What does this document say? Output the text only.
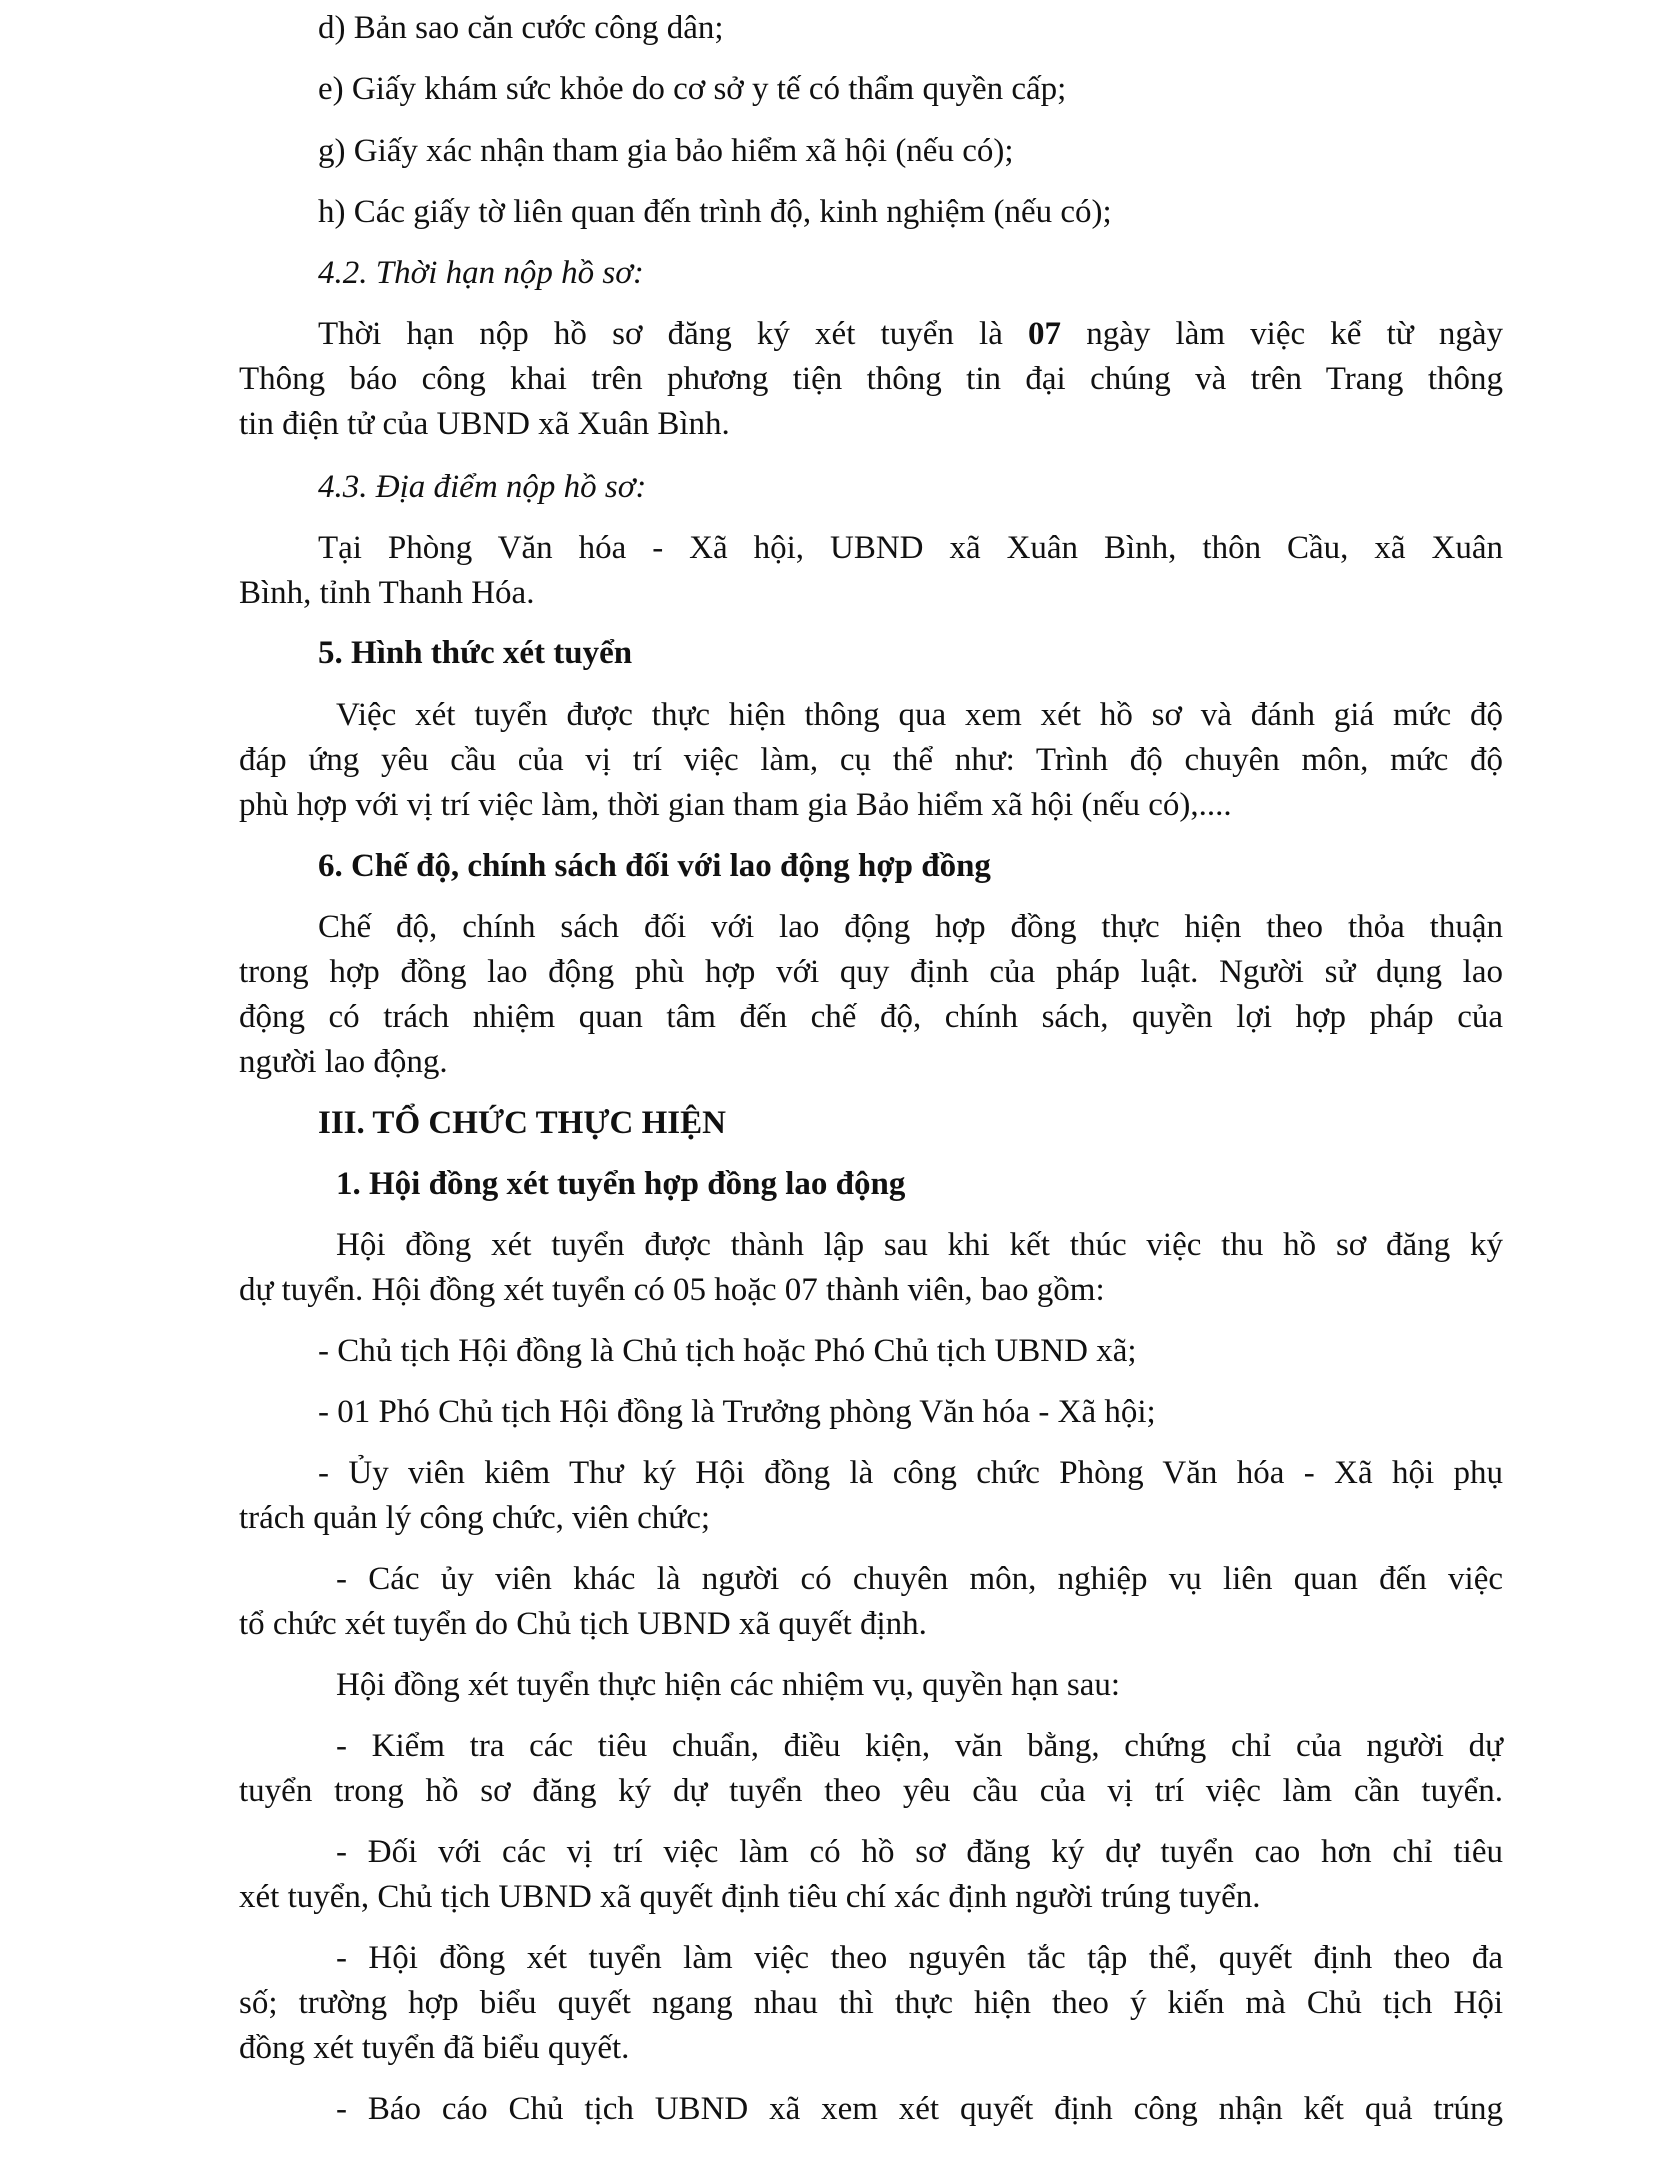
d) Bản sao căn cước công dân;
e) Giấy khám sức khỏe do cơ sở y tế có thẩm quyền cấp;
g) Giấy xác nhận tham gia bảo hiểm xã hội (nếu có);
h) Các giấy tờ liên quan đến trình độ, kinh nghiệm (nếu có);
4.2. Thời hạn nộp hồ sơ:
Thời hạn nộp hồ sơ đăng ký xét tuyển là 07 ngày làm việc kể từ ngày
Thông báo công khai trên phương tiện thông tin đại chúng và trên Trang thông
tin điện tử của UBND xã Xuân Bình.
4.3. Địa điểm nộp hồ sơ:
Tại Phòng Văn hóa - Xã hội, UBND xã Xuân Bình, thôn Cầu, xã Xuân
Bình, tỉnh Thanh Hóa.
5. Hình thức xét tuyển
Việc xét tuyển được thực hiện thông qua xem xét hồ sơ và đánh giá mức độ
đáp ứng yêu cầu của vị trí việc làm, cụ thể như: Trình độ chuyên môn, mức độ
phù hợp với vị trí việc làm, thời gian tham gia Bảo hiểm xã hội (nếu có),....
6. Chế độ, chính sách đối với lao động hợp đồng
Chế độ, chính sách đối với lao động hợp đồng thực hiện theo thỏa thuận
trong hợp đồng lao động phù hợp với quy định của pháp luật. Người sử dụng lao
động có trách nhiệm quan tâm đến chế độ, chính sách, quyền lợi hợp pháp của
người lao động.
III. TỔ CHỨC THỰC HIỆN
1. Hội đồng xét tuyển hợp đồng lao động
Hội đồng xét tuyển được thành lập sau khi kết thúc việc thu hồ sơ đăng ký
dự tuyển. Hội đồng xét tuyển có 05 hoặc 07 thành viên, bao gồm:
- Chủ tịch Hội đồng là Chủ tịch hoặc Phó Chủ tịch UBND xã;
- 01 Phó Chủ tịch Hội đồng là Trưởng phòng Văn hóa - Xã hội;
- Ủy viên kiêm Thư ký Hội đồng là công chức Phòng Văn hóa - Xã hội phụ
trách quản lý công chức, viên chức;
- Các ủy viên khác là người có chuyên môn, nghiệp vụ liên quan đến việc
tổ chức xét tuyển do Chủ tịch UBND xã quyết định.
Hội đồng xét tuyển thực hiện các nhiệm vụ, quyền hạn sau:
- Kiểm tra các tiêu chuẩn, điều kiện, văn bằng, chứng chỉ của người dự
tuyển trong hồ sơ đăng ký dự tuyển theo yêu cầu của vị trí việc làm cần tuyển.
- Đối với các vị trí việc làm có hồ sơ đăng ký dự tuyển cao hơn chỉ tiêu
xét tuyển, Chủ tịch UBND xã quyết định tiêu chí xác định người trúng tuyển.
- Hội đồng xét tuyển làm việc theo nguyên tắc tập thể, quyết định theo đa
số; trường hợp biểu quyết ngang nhau thì thực hiện theo ý kiến mà Chủ tịch Hội
đồng xét tuyển đã biểu quyết.
- Báo cáo Chủ tịch UBND xã xem xét quyết định công nhận kết quả trúng
